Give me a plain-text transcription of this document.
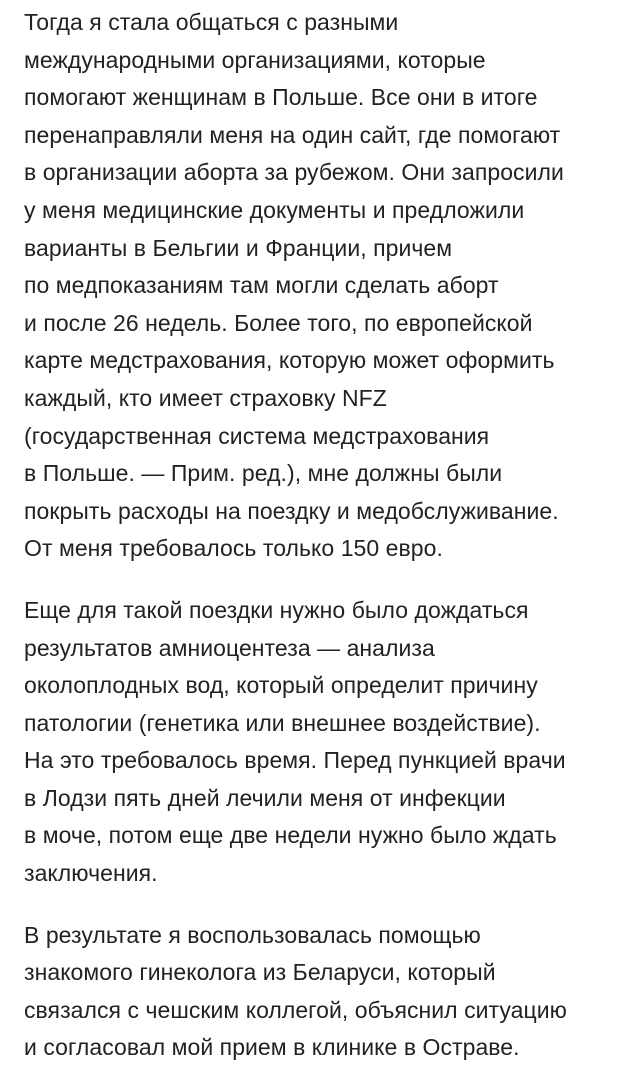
Тогда я стала общаться с разными
международными организациями, которые
помогают женщинам в Польше. Все они в итоге
перенаправляли меня на один сайт, где помогают
в организации аборта за рубежом. Они запросили
у меня медицинские документы и предложили
варианты в Бельгии и Франции, причем
по медпоказаниям там могли сделать аборт
и после 26 недель. Более того, по европейской
карте медстрахования, которую может оформить
каждый, кто имеет страховку NFZ
(государственная система медстрахования
в Польше. — Прим. ред.), мне должны были
покрыть расходы на поездку и медобслуживание.
От меня требовалось только 150 евро.

Еще для такой поездки нужно было дождаться
результатов амниоцентеза — анализа
околоплодных вод, который определит причину
патологии (генетика или внешнее воздействие).
На это требовалось время. Перед пункцией врачи
в Лодзи пять дней лечили меня от инфекции
в моче, потом еще две недели нужно было ждать
заключения.

В результате я воспользовалась помощью
знакомого гинеколога из Беларуси, который
связался с чешским коллегой, объяснил ситуацию
и согласовал мой прием в клинике в Остраве.
